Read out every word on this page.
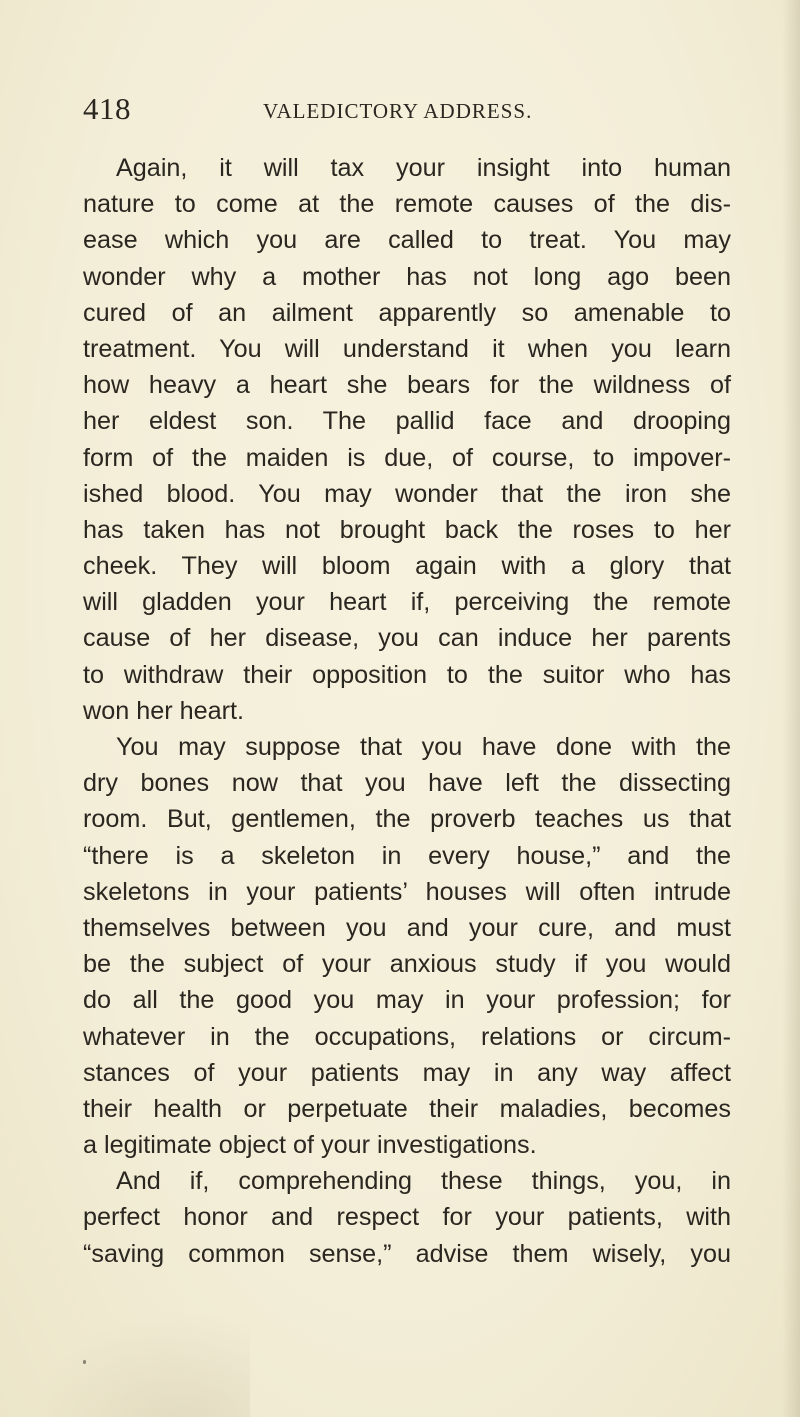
418	VALEDICTORY ADDRESS.
Again, it will tax your insight into human
nature to come at the remote causes of the dis-
ease which you are called to treat. You may
wonder why a mother has not long ago been
cured of an ailment apparently so amenable to
treatment. You will understand it when you learn
how heavy a heart she bears for the wildness of
her eldest son. The pallid face and drooping
form of the maiden is due, of course, to impover-
ished blood. You may wonder that the iron she
has taken has not brought back the roses to her
cheek. They will bloom again with a glory that
will gladden your heart if, perceiving the remote
cause of her disease, you can induce her parents
to withdraw their opposition to the suitor who has
won her heart.
You may suppose that you have done with the
dry bones now that you have left the dissecting
room. But, gentlemen, the proverb teaches us that
“there is a skeleton in every house,” and the
skeletons in your patients’ houses will often intrude
themselves between you and your cure, and must
be the subject of your anxious study if you would
do all the good you may in your profession; for
whatever in the occupations, relations or circum-
stances of your patients may in any way affect
their health or perpetuate their maladies, becomes
a legitimate object of your investigations.
And if, comprehending these things, you, in
perfect honor and respect for your patients, with
“saving common sense,” advise them wisely, you
